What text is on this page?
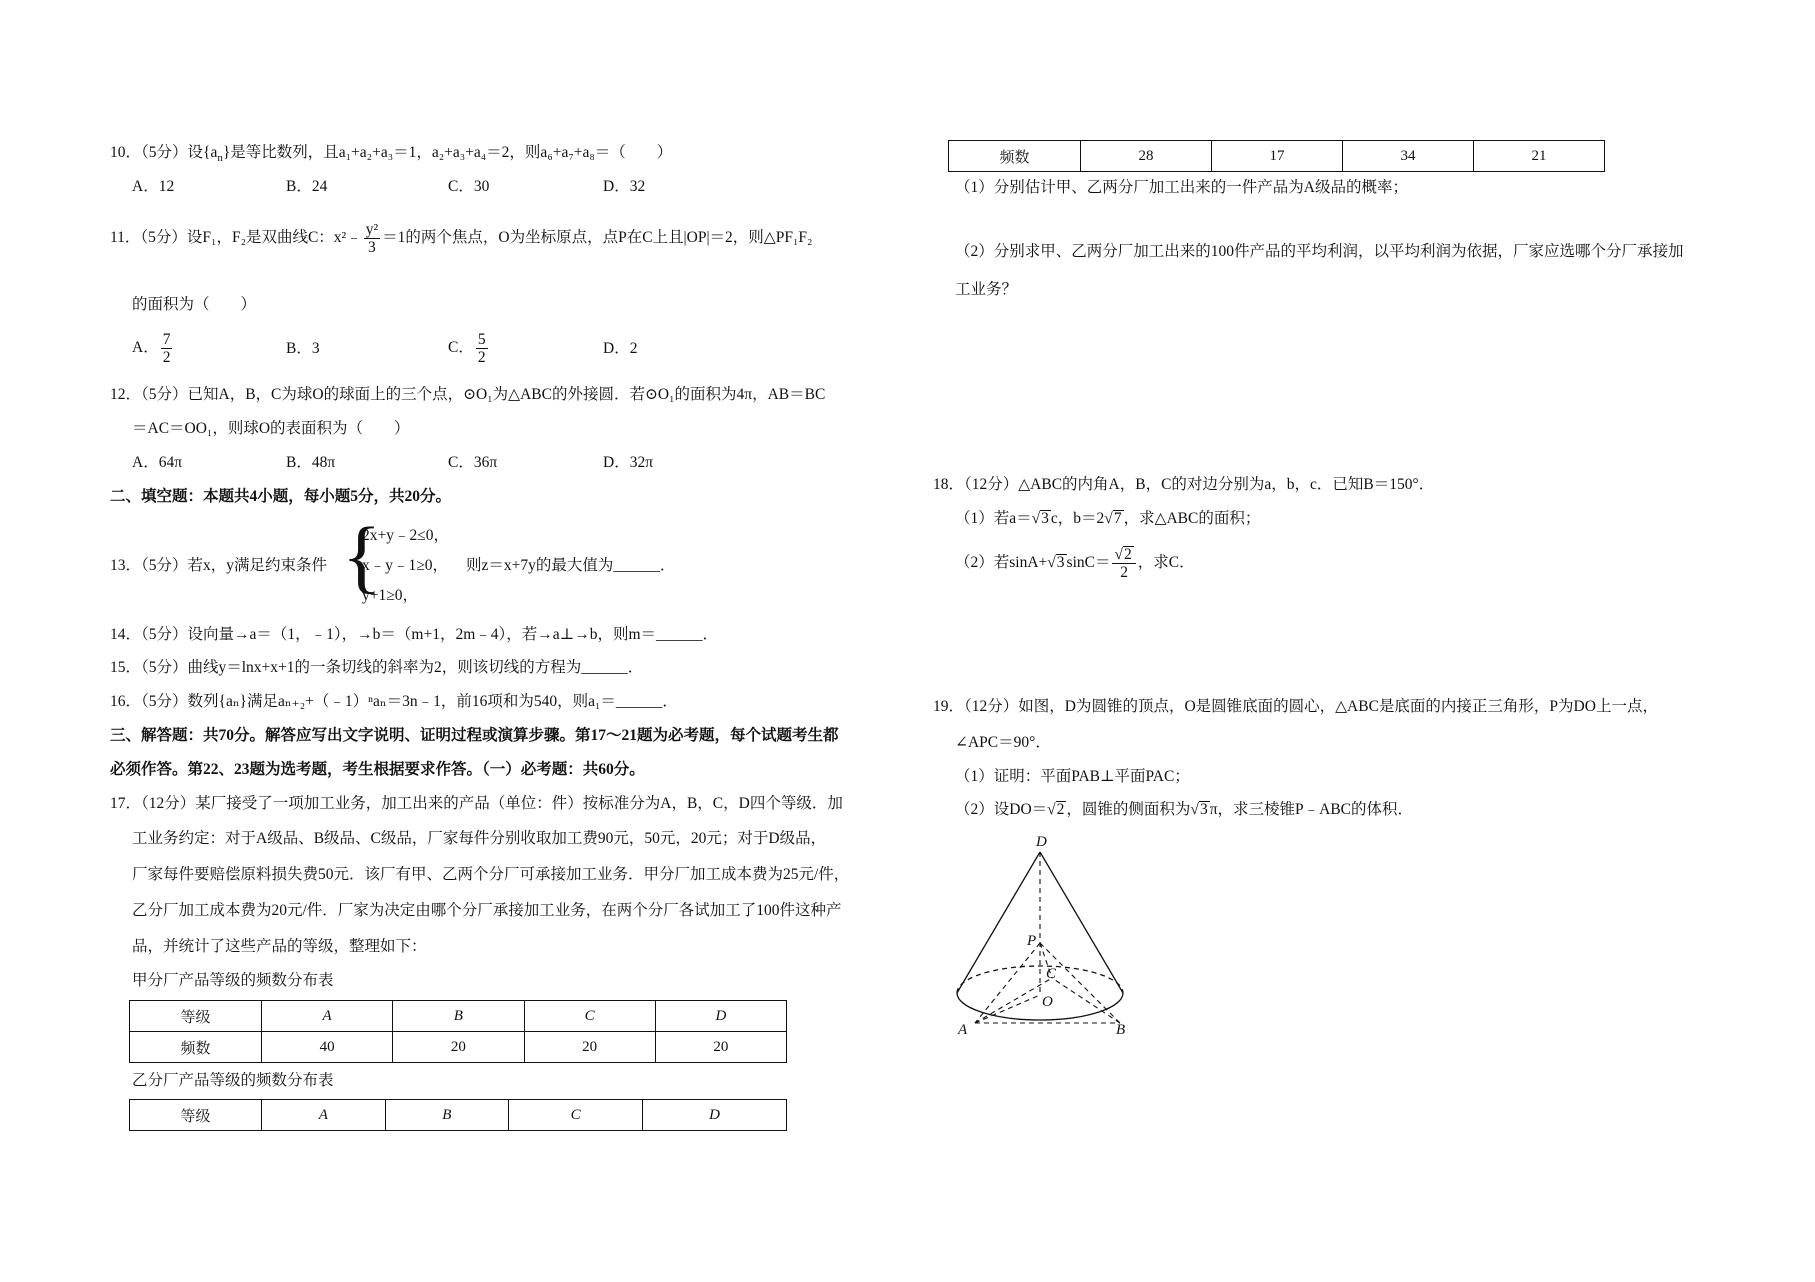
10．（5分）设$\{a_n\}$是等比数列，且a₁+a₂+a₃＝1，a₂+a₃+a₄＝2，则a₆+a₇+a₈＝（　　）
A．12	B．24	C．30	D．32
11．（5分）设F₁，F₂是双曲线C：x²﹣ $\frac{\text{y²}}{3} =1$的两个焦点，O为坐标原点，点P在C上且|OP|＝2，则△PF₁F₂
的面积为（　　）
A． $\frac{7}{2}$	B．3	C． $\frac{5}{2}$	D．2
12．（5分）已知A，B，C为球O的球面上的三个点，⊙O₁为△ABC的外接圆．若⊙O₁的面积为4π，AB＝BC
＝AC＝OO₁，则球O的表面积为（　　）
A．64π	B．48π	C．36π	D．32π
二、填空题：本题共4小题，每小题5分，共20分。
13．（5分）若x，y满足约束条件 {
2x+y﹣2≤0，
x﹣y﹣1≥0，
y+1≥0，
则z＝x+7y的最大值为______．
14．（5分）设向量→a＝（1，﹣1），→b＝（m+1，2m﹣4），若→a⊥→b，则m＝______．
15．（5分）曲线y＝lnx+x+1的一条切线的斜率为2，则该切线的方程为______．
16．（5分）数列{aₙ}满足aₙ₊₂+（﹣1）ⁿaₙ＝3n﹣1，前16项和为540，则a₁＝______．
三、解答题：共70分。解答应写出文字说明、证明过程或演算步骤。第17～21题为必考题，每个试题考生都
必须作答。第22、23题为选考题，考生根据要求作答。（一）必考题：共60分。
17．（12分）某厂接受了一项加工业务，加工出来的产品（单位：件）按标准分为A，B，C，D四个等级．加
工业务约定：对于A级品、B级品、C级品，厂家每件分别收取加工费90元，50元，20元；对于D级品，
厂家每件要赔偿原料损失费50元．该厂有甲、乙两个分厂可承接加工业务．甲分厂加工成本费为25元/件，
乙分厂加工成本费为20元/件．厂家为决定由哪个分厂承接加工业务，在两个分厂各试加工了100件这种产
品，并统计了这些产品的等级，整理如下：
甲分厂产品等级的频数分布表
等级	A	B	C	D
频数	40	20	20	20
乙分厂产品等级的频数分布表
等级	A	B	C	D
频数	28	17	34	21
（1）分别估计甲、乙两分厂加工出来的一件产品为A级品的概率；
（2）分别求甲、乙两分厂加工出来的100件产品的平均利润，以平均利润为依据，厂家应选哪个分厂承接加
工业务？
18．（12分）△ABC的内角A，B，C的对边分别为a，b，c．已知B＝150°．
（1）若a＝√3 c，b＝2√7 ，求△ABC的面积；
（2）若sinA+√3 $\sin C= \frac{√2}{2}$ ，求C．
19．（12分）如图，D为圆锥的顶点，O是圆锥底面的圆心，△ABC是底面的内接正三角形，P为DO上一点，
∠APC＝90°．
（1）证明：平面PAB⊥平面PAC；
（2）设DO＝√2 ，圆锥的侧面积为√3 π，求三棱锥P﹣ABC的体积．
D
P
C
O
A	B
